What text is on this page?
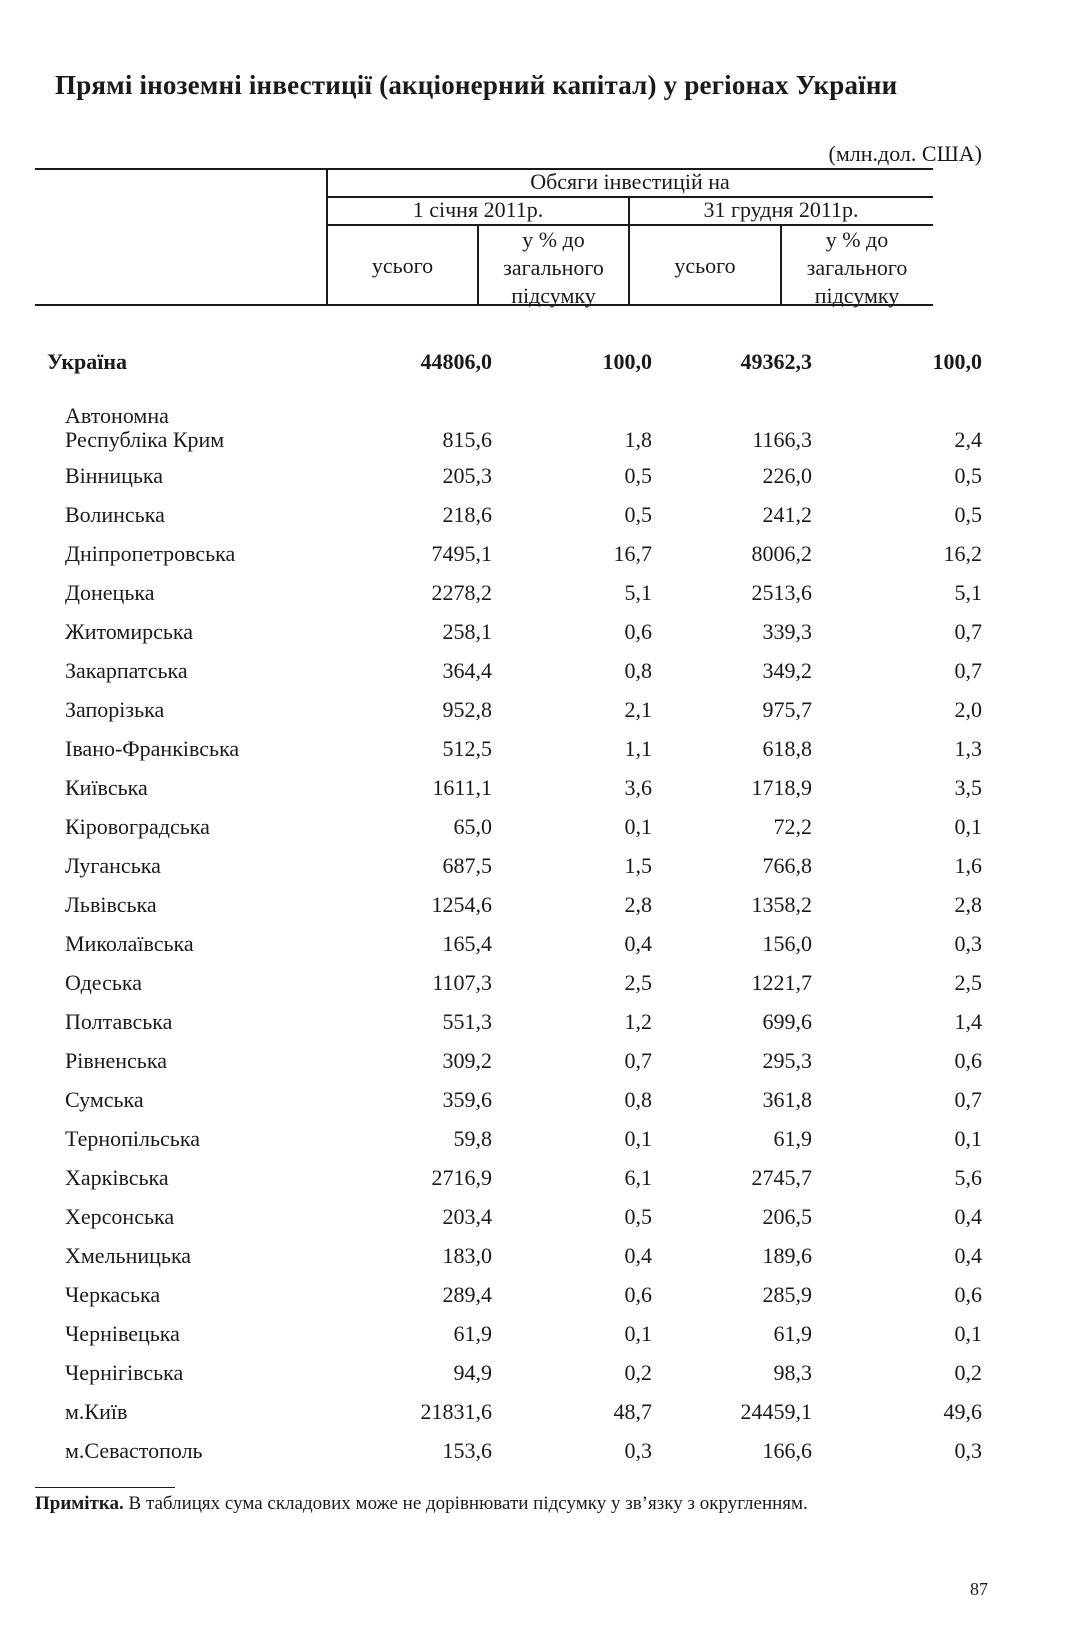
Прямі іноземні інвестиції (акціонерний капітал) у регіонах України
(млн.дол. США)
Обсяги інвестицій на
1 січня 2011р.	31 грудня 2011р.
усього
у % до
загального
підсумку
усього
у % до
загального
підсумку
Україна	44806,0	100,0	49362,3	100,0
Автономна
Республіка Крим	815,6	1,8	1166,3	2,4
Вінницька	205,3	0,5	226,0	0,5
Волинська	218,6	0,5	241,2	0,5
Дніпропетровська	7495,1	16,7	8006,2	16,2
Донецька	2278,2	5,1	2513,6	5,1
Житомирська	258,1	0,6	339,3	0,7
Закарпатська	364,4	0,8	349,2	0,7
Запорізька	952,8	2,1	975,7	2,0
Івано-Франківська	512,5	1,1	618,8	1,3
Київська	1611,1	3,6	1718,9	3,5
Кіровоградська	65,0	0,1	72,2	0,1
Луганська	687,5	1,5	766,8	1,6
Львівська	1254,6	2,8	1358,2	2,8
Миколаївська	165,4	0,4	156,0	0,3
Одеська	1107,3	2,5	1221,7	2,5
Полтавська	551,3	1,2	699,6	1,4
Рівненська	309,2	0,7	295,3	0,6
Сумська	359,6	0,8	361,8	0,7
Тернопільська	59,8	0,1	61,9	0,1
Харківська	2716,9	6,1	2745,7	5,6
Херсонська	203,4	0,5	206,5	0,4
Хмельницька	183,0	0,4	189,6	0,4
Черкаська	289,4	0,6	285,9	0,6
Чернівецька	61,9	0,1	61,9	0,1
Чернігівська	94,9	0,2	98,3	0,2
м.Київ	21831,6	48,7	24459,1	49,6
м.Севастополь	153,6	0,3	166,6	0,3
Примітка. В таблицях сума складових може не дорівнювати підсумку у зв’язку з округленням.
87
